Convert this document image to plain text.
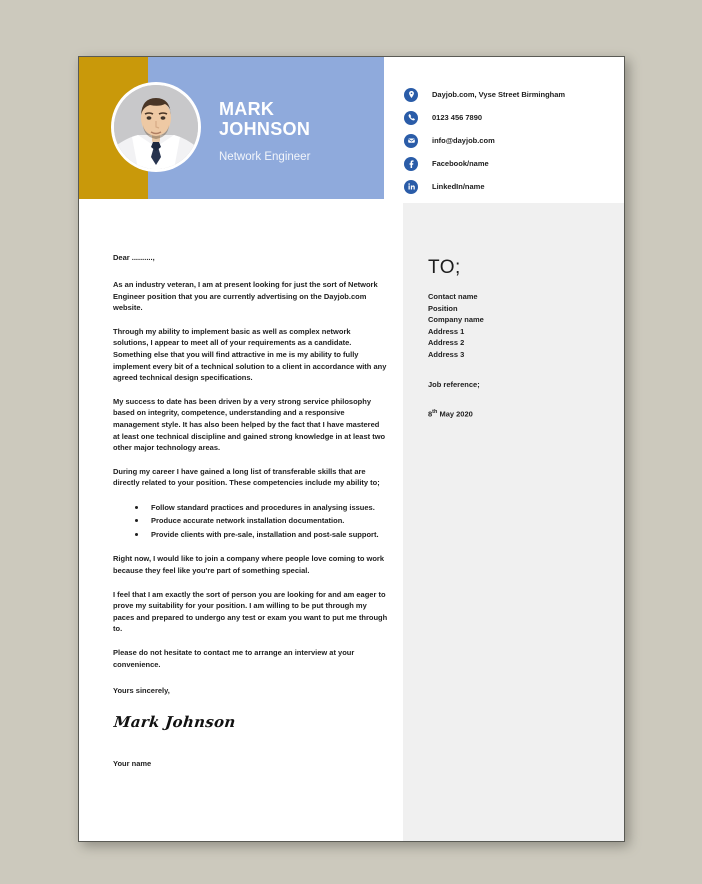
MARK
JOHNSON
Network Engineer
Dayjob.com, Vyse Street Birmingham
0123 456 7890
info@dayjob.com
Facebook/name
LinkedIn/name
TO;
Contact name
Position
Company name
Address 1
Address 2
Address 3
Job reference;
8th May 2020
Dear ..........,
As an industry veteran, I am at present looking for just the sort of Network Engineer position that you are currently advertising on the Dayjob.com website.
Through my ability to implement basic as well as complex network solutions, I appear to meet all of your requirements as a candidate. Something else that you will find attractive in me is my ability to fully implement every bit of a technical solution to a client in accordance with any agreed technical design specifications.
My success to date has been driven by a very strong service philosophy based on integrity, competence, understanding and a responsive management style. It has also been helped by the fact that I have mastered at least one technical discipline and gained strong knowledge in at least two other major technology areas.
During my career I have gained a long list of transferable skills that are directly related to your position. These competencies include my ability to;
Follow standard practices and procedures in analysing issues.
Produce accurate network installation documentation.
Provide clients with pre-sale, installation and post-sale support.
Right now, I would like to join a company where people love coming to work because they feel like you're part of something special.
I feel that I am exactly the sort of person you are looking for and am eager to prove my suitability for your position. I am willing to be put through my paces and prepared to undergo any test or exam you want to put me through to.
Please do not hesitate to contact me to arrange an interview at your convenience.
Yours sincerely,
Mark Johnson
Your name
